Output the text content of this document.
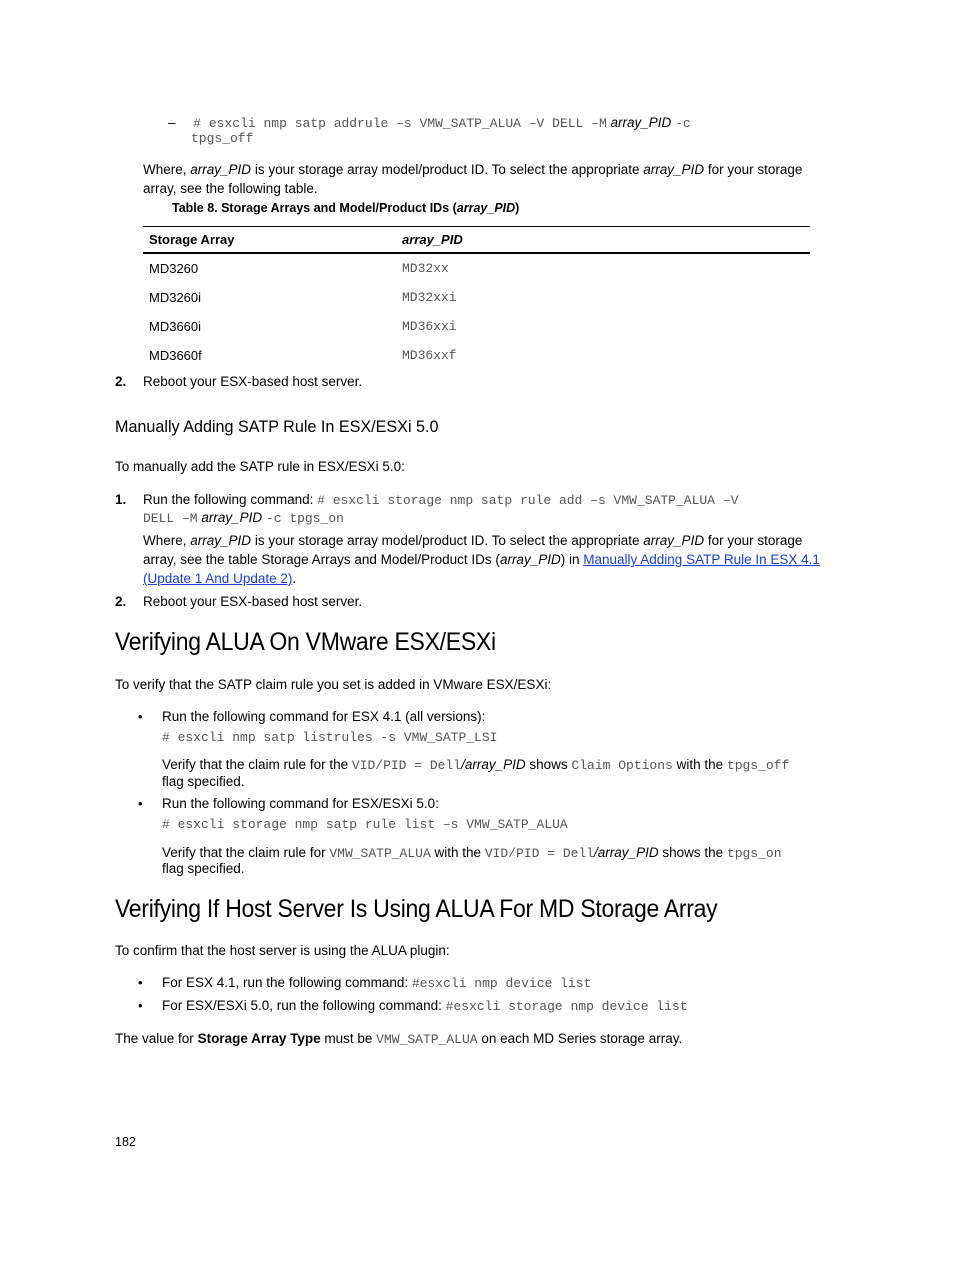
– # esxcli nmp satp addrule –s VMW_SATP_ALUA –V DELL –M array_PID -c
tpgs_off
Where, array_PID is your storage array model/product ID. To select the appropriate array_PID for your storage
array, see the following table.
Table 8. Storage Arrays and Model/Product IDs (array_PID)
Storage Array	array_PID
MD3260	MD32xx
MD3260i	MD32xxi
MD3660i	MD36xxi
MD3660f	MD36xxf
2. Reboot your ESX-based host server.
Manually Adding SATP Rule In ESX/ESXi 5.0
To manually add the SATP rule in ESX/ESXi 5.0:
1. Run the following command: # esxcli storage nmp satp rule add –s VMW_SATP_ALUA –V
DELL –M array_PID -c tpgs_on
Where, array_PID is your storage array model/product ID. To select the appropriate array_PID for your storage
array, see the table Storage Arrays and Model/Product IDs (array_PID) in Manually Adding SATP Rule In ESX 4.1
(Update 1 And Update 2).
2. Reboot your ESX-based host server.
Verifying ALUA On VMware ESX/ESXi
To verify that the SATP claim rule you set is added in VMware ESX/ESXi:
• Run the following command for ESX 4.1 (all versions):
# esxcli nmp satp listrules -s VMW_SATP_LSI
Verify that the claim rule for the VID/PID = Dell/array_PID shows Claim Options with the tpgs_off
flag specified.
• Run the following command for ESX/ESXi 5.0:
# esxcli storage nmp satp rule list –s VMW_SATP_ALUA
Verify that the claim rule for VMW_SATP_ALUA with the VID/PID = Dell/array_PID shows the tpgs_on
flag specified.
Verifying If Host Server Is Using ALUA For MD Storage Array
To confirm that the host server is using the ALUA plugin:
• For ESX 4.1, run the following command: #esxcli nmp device list
• For ESX/ESXi 5.0, run the following command: #esxcli storage nmp device list
The value for Storage Array Type must be VMW_SATP_ALUA on each MD Series storage array.
182
